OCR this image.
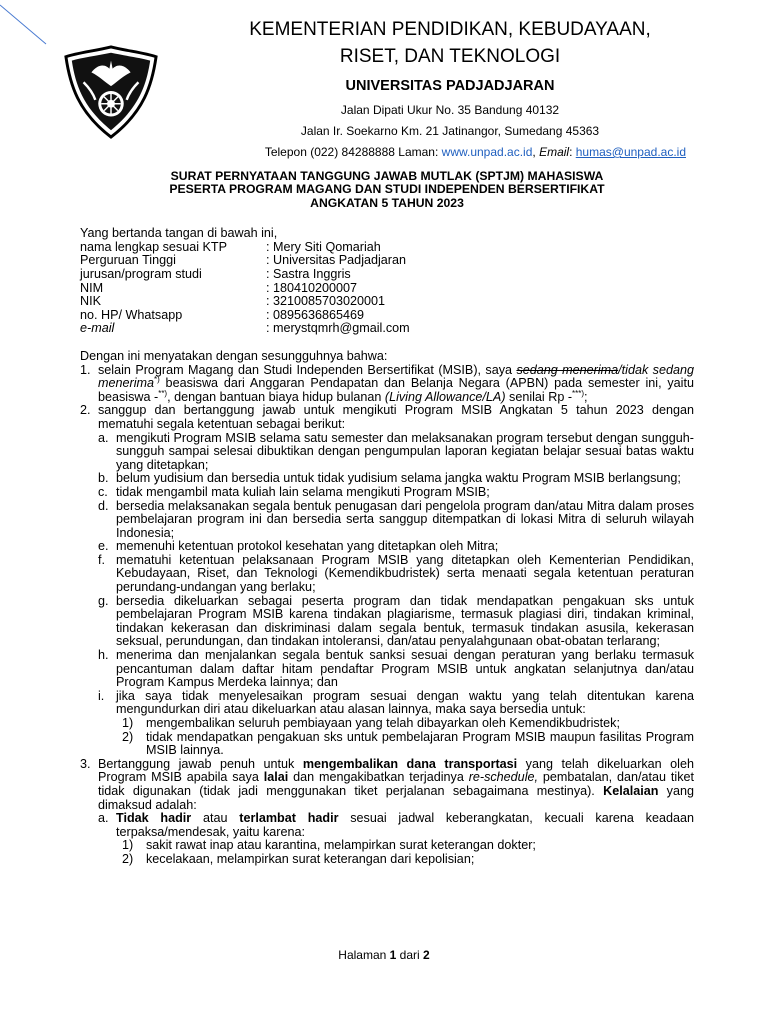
KEMENTERIAN PENDIDIKAN, KEBUDAYAAN,
RISET, DAN TEKNOLOGI
UNIVERSITAS PADJADJARAN
Jalan Dipati Ukur No. 35 Bandung 40132
Jalan Ir. Soekarno Km. 21 Jatinangor, Sumedang 45363
Telepon (022) 84288888 Laman: www.unpad.ac.id, Email: humas@unpad.ac.id
SURAT PERNYATAAN TANGGUNG JAWAB MUTLAK (SPTJM) MAHASISWA
PESERTA PROGRAM MAGANG DAN STUDI INDEPENDEN BERSERTIFIKAT
ANGKATAN 5 TAHUN 2023
Yang bertanda tangan di bawah ini,
nama lengkap sesuai KTP	: Mery Siti Qomariah
Perguruan Tinggi	: Universitas Padjadjaran
jurusan/program studi	: Sastra Inggris
NIM	: 180410200007
NIK	: 3210085703020001
no. HP/ Whatsapp	: 0895636865469
e-mail	: merystqmrh@gmail.com
Dengan ini menyatakan dengan sesungguhnya bahwa:
1. selain Program Magang dan Studi Independen Bersertifikat (MSIB), saya sedang menerima/tidak sedang menerima*) beasiswa dari Anggaran Pendapatan dan Belanja Negara (APBN) pada semester ini, yaitu beasiswa -**), dengan bantuan biaya hidup bulanan (Living Allowance/LA) senilai Rp -***);
2. sanggup dan bertanggung jawab untuk mengikuti Program MSIB Angkatan 5 tahun 2023 dengan mematuhi segala ketentuan sebagai berikut:
a. mengikuti Program MSIB selama satu semester dan melaksanakan program tersebut dengan sungguh-sungguh sampai selesai dibuktikan dengan pengumpulan laporan kegiatan belajar sesuai batas waktu yang ditetapkan;
b. belum yudisium dan bersedia untuk tidak yudisium selama jangka waktu Program MSIB berlangsung;
c. tidak mengambil mata kuliah lain selama mengikuti Program MSIB;
d. bersedia melaksanakan segala bentuk penugasan dari pengelola program dan/atau Mitra dalam proses pembelajaran program ini dan bersedia serta sanggup ditempatkan di lokasi Mitra di seluruh wilayah Indonesia;
e. memenuhi ketentuan protokol kesehatan yang ditetapkan oleh Mitra;
f. mematuhi ketentuan pelaksanaan Program MSIB yang ditetapkan oleh Kementerian Pendidikan, Kebudayaan, Riset, dan Teknologi (Kemendikbudristek) serta menaati segala ketentuan peraturan perundang-undangan yang berlaku;
g. bersedia dikeluarkan sebagai peserta program dan tidak mendapatkan pengakuan sks untuk pembelajaran Program MSIB karena tindakan plagiarisme, termasuk plagiasi diri, tindakan kriminal, tindakan kekerasan dan diskriminasi dalam segala bentuk, termasuk tindakan asusila, kekerasan seksual, perundungan, dan tindakan intoleransi, dan/atau penyalahgunaan obat-obatan terlarang;
h. menerima dan menjalankan segala bentuk sanksi sesuai dengan peraturan yang berlaku termasuk pencantuman dalam daftar hitam pendaftar Program MSIB untuk angkatan selanjutnya dan/atau Program Kampus Merdeka lainnya; dan
i. jika saya tidak menyelesaikan program sesuai dengan waktu yang telah ditentukan karena mengundurkan diri atau dikeluarkan atau alasan lainnya, maka saya bersedia untuk:
1)	mengembalikan seluruh pembiayaan yang telah dibayarkan oleh Kemendikbudristek;
2)	tidak mendapatkan pengakuan sks untuk pembelajaran Program MSIB maupun fasilitas Program MSIB lainnya.
3. Bertanggung jawab penuh untuk mengembalikan dana transportasi yang telah dikeluarkan oleh Program MSIB apabila saya lalai dan mengakibatkan terjadinya re-schedule, pembatalan, dan/atau tiket tidak digunakan (tidak jadi menggunakan tiket perjalanan sebagaimana mestinya). Kelalaian yang dimaksud adalah:
a. Tidak hadir atau terlambat hadir sesuai jadwal keberangkatan, kecuali karena keadaan terpaksa/mendesak, yaitu karena:
1)	sakit rawat inap atau karantina, melampirkan surat keterangan dokter;
2)	kecelakaan, melampirkan surat keterangan dari kepolisian;
Halaman 1 dari 2
